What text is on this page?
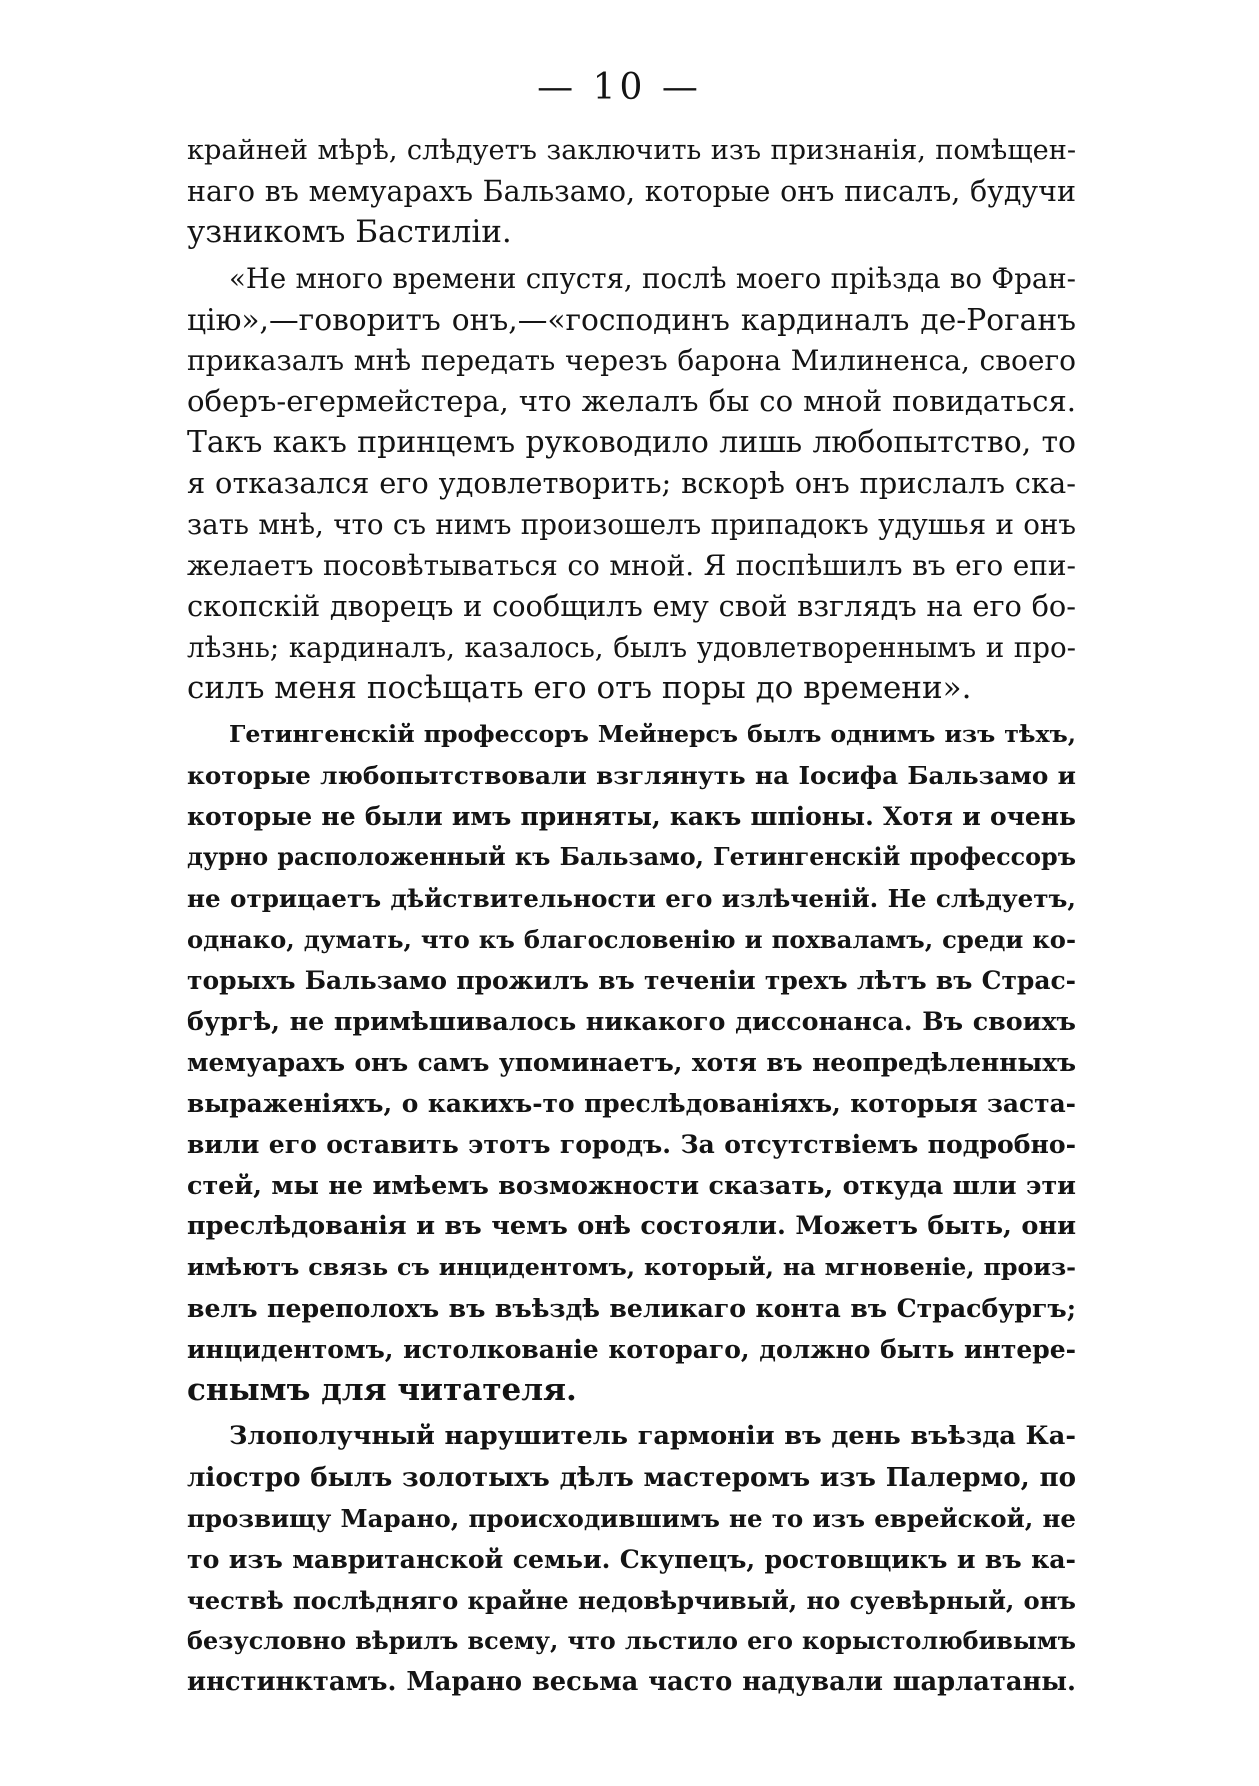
— 10 —
крайней мѣрѣ, слѣдуетъ заключить изъ признанія, помѣщен-
наго въ мемуарахъ Бальзамо, которые онъ писалъ, будучи
узникомъ Бастиліи.
«Не много времени спустя, послѣ моего пріѣзда во Фран-
цію»,—говоритъ онъ,—«господинъ кардиналъ де-Роганъ
приказалъ мнѣ передать черезъ барона Милиненса, своего
оберъ-егермейстера, что желалъ бы со мной повидаться.
Такъ какъ принцемъ руководило лишь любопытство, то
я отказался его удовлетворить; вскорѣ онъ прислалъ ска-
зать мнѣ, что съ нимъ произошелъ припадокъ удушья и онъ
желаетъ посовѣтываться со мной. Я поспѣшилъ въ его епи-
скопскій дворецъ и сообщилъ ему свой взглядъ на его бо-
лѣзнь; кардиналъ, казалось, былъ удовлетвореннымъ и про-
силъ меня посѣщать его отъ поры до времени».
Гетингенскій профессоръ Мейнерсъ былъ однимъ изъ тѣхъ,
которые любопытствовали взглянуть на Іосифа Бальзамо и
которые не были имъ приняты, какъ шпіоны. Хотя и очень
дурно расположенный къ Бальзамо, Гетингенскій профессоръ
не отрицаетъ дѣйствительности его излѣченій. Не слѣдуетъ,
однако, думать, что къ благословенію и похваламъ, среди ко-
торыхъ Бальзамо прожилъ въ теченіи трехъ лѣтъ въ Страс-
бургѣ, не примѣшивалось никакого диссонанса. Въ своихъ
мемуарахъ онъ самъ упоминаетъ, хотя въ неопредѣленныхъ
выраженіяхъ, о какихъ-то преслѣдованіяхъ, которыя заста-
вили его оставить этотъ городъ. За отсутствіемъ подробно-
стей, мы не имѣемъ возможности сказать, откуда шли эти
преслѣдованія и въ чемъ онѣ состояли. Можетъ быть, они
имѣютъ связь съ инцидентомъ, который, на мгновеніе, произ-
велъ переполохъ въ въѣздѣ великаго конта въ Страсбургъ;
инцидентомъ, истолкованіе котораго, должно быть интере-
снымъ для читателя.
Злополучный нарушитель гармоніи въ день въѣзда Ка-
ліостро былъ золотыхъ дѣлъ мастеромъ изъ Палермо, по
прозвищу Марано, происходившимъ не то изъ еврейской, не
то изъ мавританской семьи. Скупецъ, ростовщикъ и въ ка-
чествѣ послѣдняго крайне недовѣрчивый, но суевѣрный, онъ
безусловно вѣрилъ всему, что льстило его корыстолюбивымъ
инстинктамъ. Марано весьма часто надували шарлатаны.
